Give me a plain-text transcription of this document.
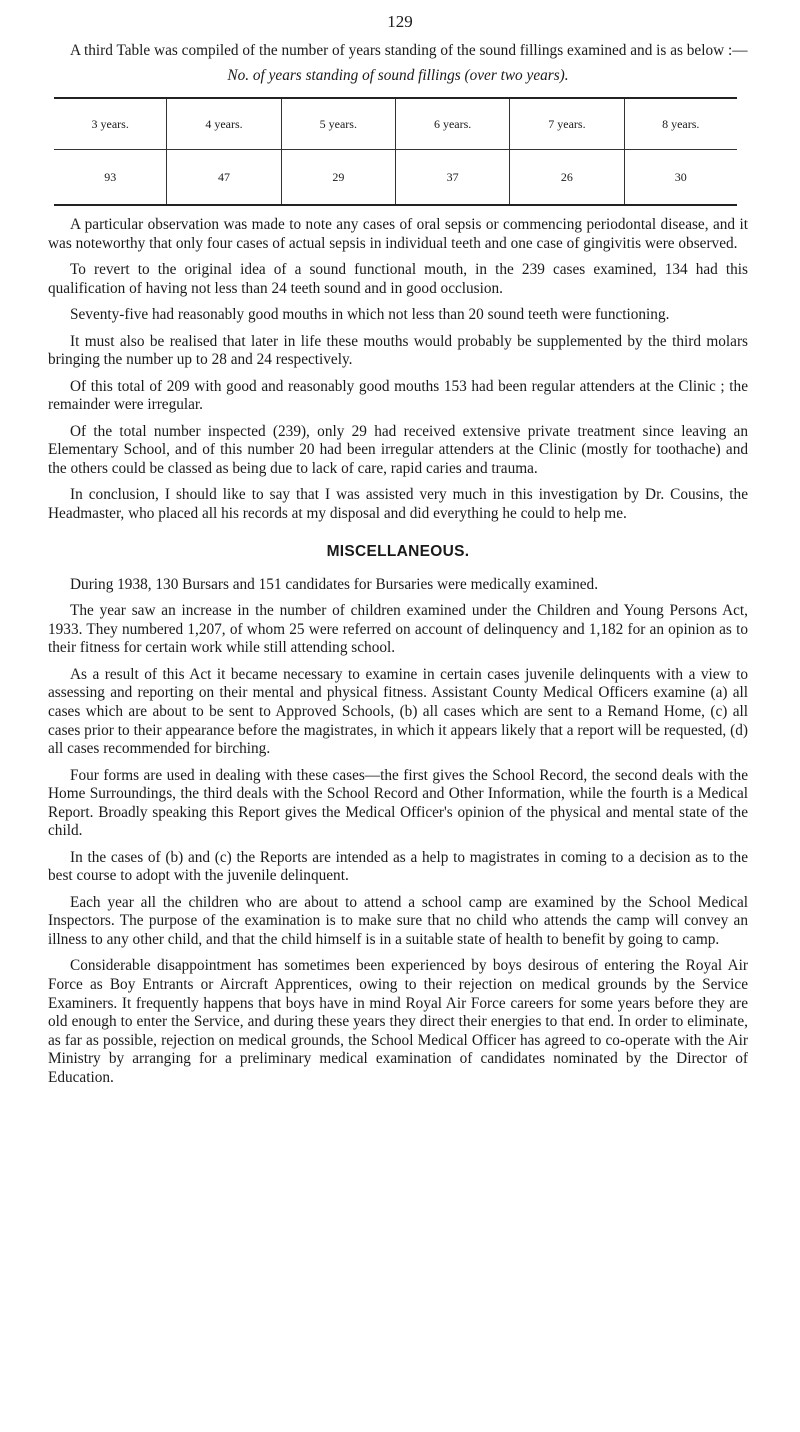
129

A third Table was compiled of the number of years standing of the sound fillings examined and is as below :—

No. of years standing of sound fillings (over two years).
3 years.	4 years.	5 years.	6 years.	7 years.	8 years.
93	47	29	37	26	30

A particular observation was made to note any cases of oral sepsis or commencing periodontal disease, and it was noteworthy that only four cases of actual sepsis in individual teeth and one case of gingivitis were observed.

To revert to the original idea of a sound functional mouth, in the 239 cases examined, 134 had this qualification of having not less than 24 teeth sound and in good occlusion.

Seventy-five had reasonably good mouths in which not less than 20 sound teeth were functioning.

It must also be realised that later in life these mouths would probably be supplemented by the third molars bringing the number up to 28 and 24 respectively.

Of this total of 209 with good and reasonably good mouths 153 had been regular attenders at the Clinic ; the remainder were irregular.

Of the total number inspected (239), only 29 had received extensive private treatment since leaving an Elementary School, and of this number 20 had been irregular attenders at the Clinic (mostly for toothache) and the others could be classed as being due to lack of care, rapid caries and trauma.

In conclusion, I should like to say that I was assisted very much in this investigation by Dr. Cousins, the Headmaster, who placed all his records at my disposal and did everything he could to help me.

MISCELLANEOUS.

During 1938, 130 Bursars and 151 candidates for Bursaries were medically examined.

The year saw an increase in the number of children examined under the Children and Young Persons Act, 1933. They numbered 1,207, of whom 25 were referred on account of delinquency and 1,182 for an opinion as to their fitness for certain work while still attending school.

As a result of this Act it became necessary to examine in certain cases juvenile delinquents with a view to assessing and reporting on their mental and physical fitness. Assistant County Medical Officers examine (a) all cases which are about to be sent to Approved Schools, (b) all cases which are sent to a Remand Home, (c) all cases prior to their appearance before the magistrates, in which it appears likely that a report will be requested, (d) all cases recommended for birching.

Four forms are used in dealing with these cases—the first gives the School Record, the second deals with the Home Surroundings, the third deals with the School Record and Other Information, while the fourth is a Medical Report. Broadly speaking this Report gives the Medical Officer's opinion of the physical and mental state of the child.

In the cases of (b) and (c) the Reports are intended as a help to magistrates in coming to a decision as to the best course to adopt with the juvenile delinquent.

Each year all the children who are about to attend a school camp are examined by the School Medical Inspectors. The purpose of the examination is to make sure that no child who attends the camp will convey an illness to any other child, and that the child himself is in a suitable state of health to benefit by going to camp.

Considerable disappointment has sometimes been experienced by boys desirous of entering the Royal Air Force as Boy Entrants or Aircraft Apprentices, owing to their rejection on medical grounds by the Service Examiners. It frequently happens that boys have in mind Royal Air Force careers for some years before they are old enough to enter the Service, and during these years they direct their energies to that end. In order to eliminate, as far as possible, rejection on medical grounds, the School Medical Officer has agreed to co-operate with the Air Ministry by arranging for a preliminary medical examination of candidates nominated by the Director of Education.
